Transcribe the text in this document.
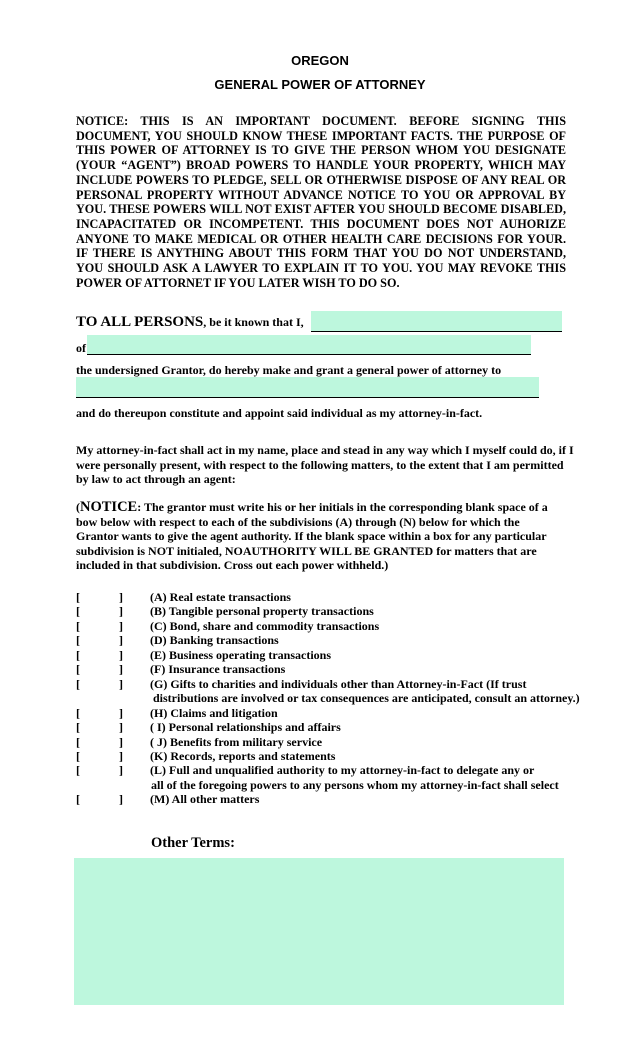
OREGON
GENERAL POWER OF ATTORNEY
NOTICE: THIS IS AN IMPORTANT DOCUMENT. BEFORE SIGNING THIS DOCUMENT, YOU SHOULD KNOW THESE IMPORTANT FACTS. THE PURPOSE OF THIS POWER OF ATTORNEY IS TO GIVE THE PERSON WHOM YOU DESIGNATE (YOUR “AGENT”) BROAD POWERS TO HANDLE YOUR PROPERTY, WHICH MAY INCLUDE POWERS TO PLEDGE, SELL OR OTHERWISE DISPOSE OF ANY REAL OR PERSONAL PROPERTY WITHOUT ADVANCE NOTICE TO YOU OR APPROVAL BY YOU. THESE POWERS WILL NOT EXIST AFTER YOU SHOULD BECOME DISABLED, INCAPACITATED OR INCOMPETENT. THIS DOCUMENT DOES NOT AUHORIZE ANYONE TO MAKE MEDICAL OR OTHER HEALTH CARE DECISIONS FOR YOUR. IF THERE IS ANYTHING ABOUT THIS FORM THAT YOU DO NOT UNDERSTAND, YOU SHOULD ASK A LAWYER TO EXPLAIN IT TO YOU. YOU MAY REVOKE THIS POWER OF ATTORNET IF YOU LATER WISH TO DO SO.
TO ALL PERSONS, be it known that I,
of
the undersigned Grantor, do hereby make and grant a general power of attorney to
and do thereupon constitute and appoint said individual as my attorney-in-fact.
My attorney-in-fact shall act in my name, place and stead in any way which I myself could do, if I were personally present, with respect to the following matters, to the extent that I am permitted by law to act through an agent:
(NOTICE: The grantor must write his or her initials in the corresponding blank space of a bow below with respect to each of the subdivisions (A) through (N) below for which the Grantor wants to give the agent authority. If the blank space within a box for any particular subdivision is NOT initialed, NOAUTHORITY WILL BE GRANTED for matters that are included in that subdivision. Cross out each power withheld.)
[	] (A) Real estate transactions
[	] (B) Tangible personal property transactions
[	] (C) Bond, share and commodity transactions
[	] (D) Banking transactions
[	] (E) Business operating transactions
[	] (F) Insurance transactions
[	] (G) Gifts to charities and individuals other than Attorney-in-Fact (If trust
distributions are involved or tax consequences are anticipated, consult an attorney.)
[	] (H) Claims and litigation
[	] ( I) Personal relationships and affairs
[	] ( J) Benefits from military service
[	] (K) Records, reports and statements
[	] (L) Full and unqualified authority to my attorney-in-fact to delegate any or
all of the foregoing powers to any persons whom my attorney-in-fact shall select
[	] (M) All other matters
Other Terms:
